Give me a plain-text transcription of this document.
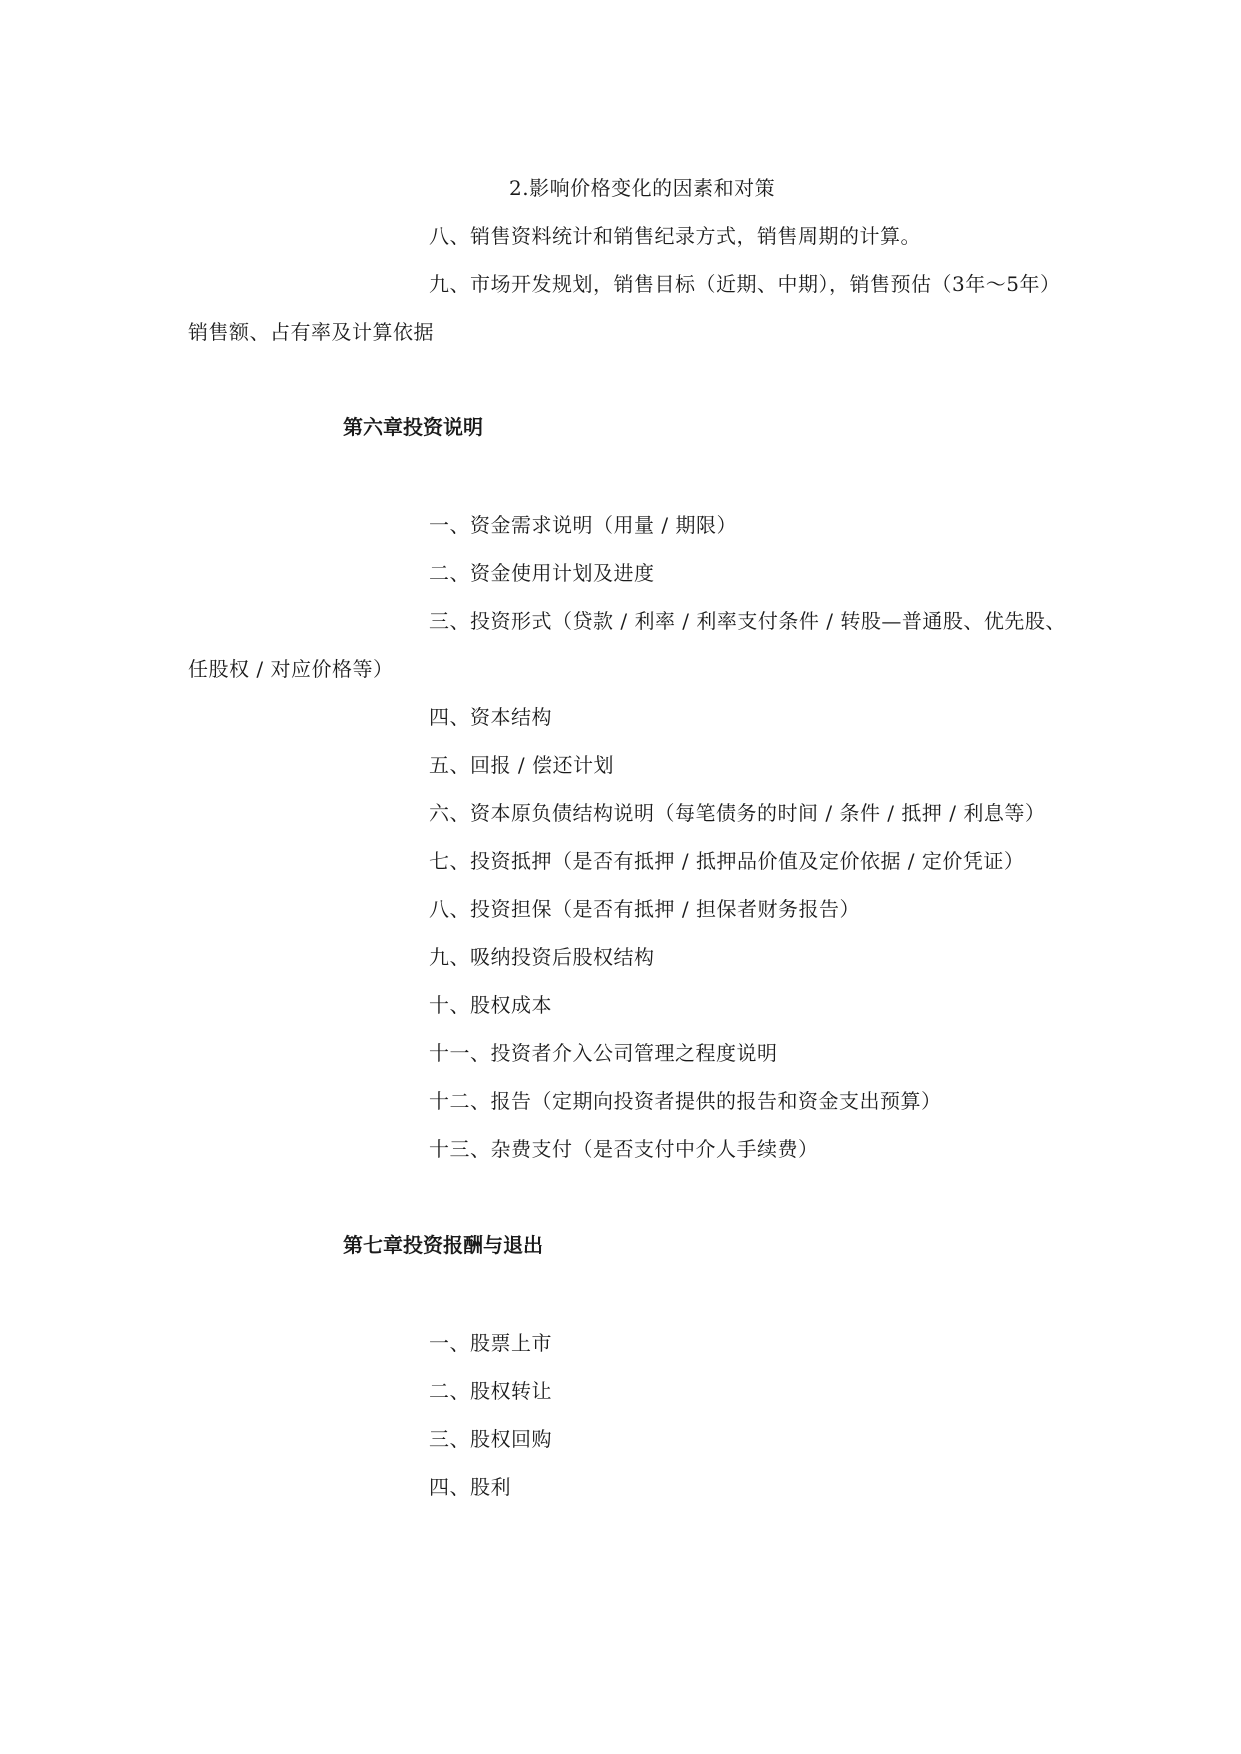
2.影响价格变化的因素和对策
八、销售资料统计和销售纪录方式，销售周期的计算。
九、市场开发规划，销售目标（近期、中期），销售预估（3年～5年）
销售额、占有率及计算依据
第六章投资说明
一、资金需求说明（用量 / 期限）
二、资金使用计划及进度
三、投资形式（贷款 / 利率 / 利率支付条件 / 转股—普通股、优先股、
任股权 / 对应价格等）
四、资本结构
五、回报 / 偿还计划
六、资本原负债结构说明（每笔债务的时间 / 条件 / 抵押 / 利息等）
七、投资抵押（是否有抵押 / 抵押品价值及定价依据 / 定价凭证）
八、投资担保（是否有抵押 / 担保者财务报告）
九、吸纳投资后股权结构
十、股权成本
十一、投资者介入公司管理之程度说明
十二、报告（定期向投资者提供的报告和资金支出预算）
十三、杂费支付（是否支付中介人手续费）
第七章投资报酬与退出
一、股票上市
二、股权转让
三、股权回购
四、股利
